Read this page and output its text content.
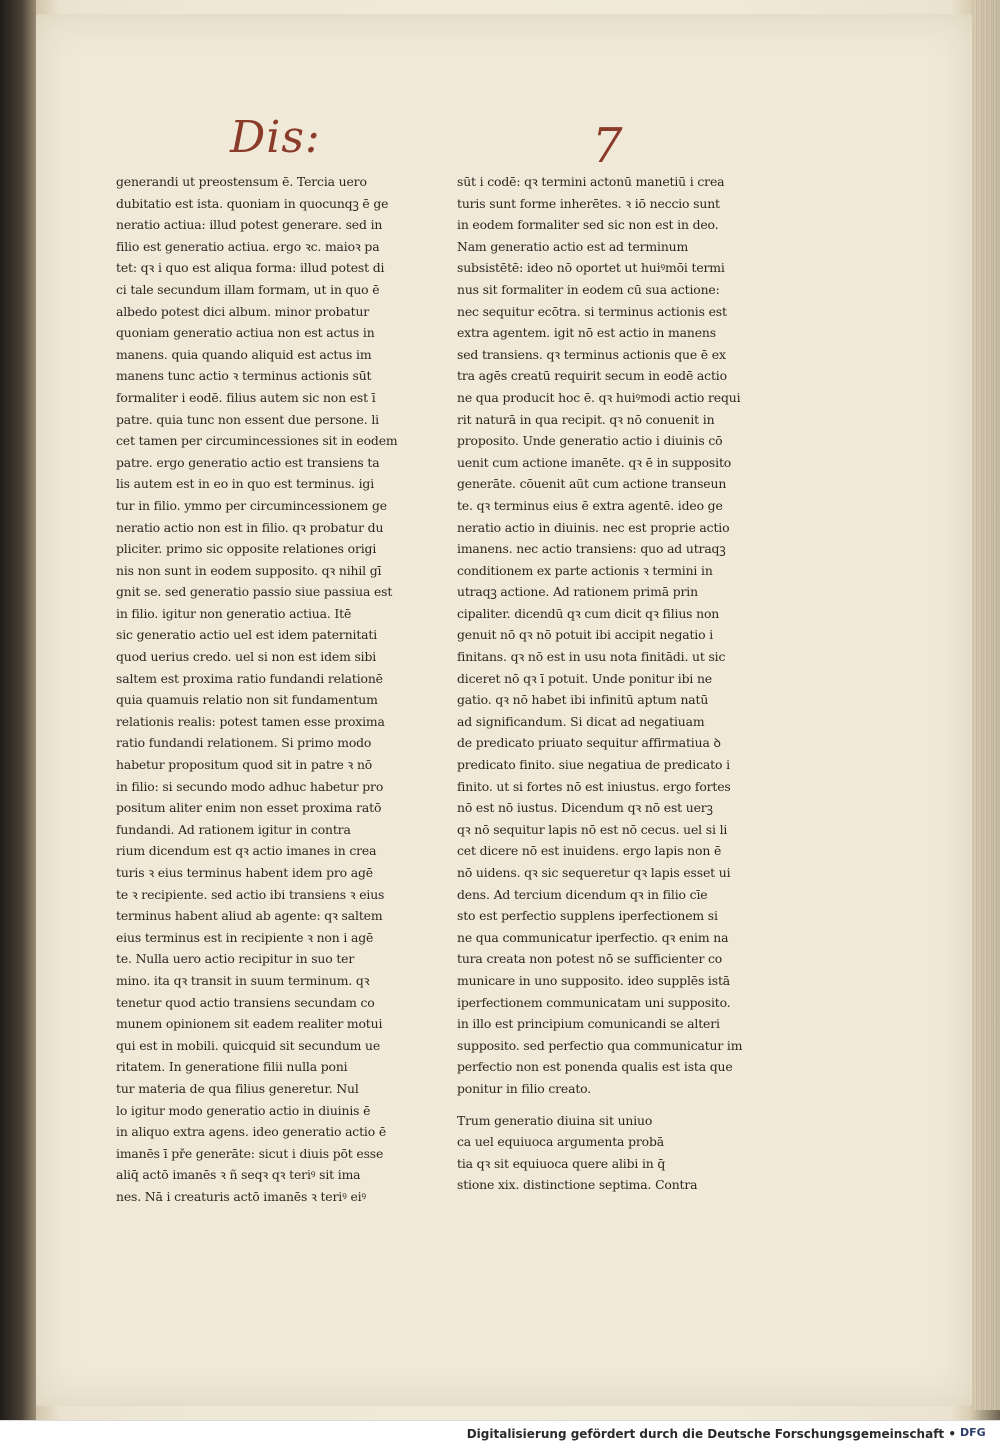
Dis:	7
generandi ut preostensum ē. Tercia uero
dubitatio est ista. quoniam in quocunqꝫ ē ge
neratio actiua: illud potest generare. sed in
filio est generatio actiua. ergo ꝛc. maioꝛ pa
tet: qꝛ i quo est aliqua forma: illud potest di
ci tale secundum illam formam, ut in quo ē
albedo potest dici album. minor probatur
quoniam generatio actiua non est actus in
manens. quia quando aliquid est actus im
manens tunc actio ꝛ terminus actionis sūt
formaliter i eodē. filius autem sic non est ī
patre. quia tunc non essent due persone. li
cet tamen per circumincessiones sit in eodem
patre. ergo generatio actio est transiens ta
lis autem est in eo in quo est terminus. igi
tur in filio. ymmo per circumincessionem ge
neratio actio non est in filio. qꝛ probatur du
pliciter. primo sic opposite relationes origi
nis non sunt in eodem supposito. qꝛ nihil gī
gnit se. sed generatio passio siue passiua est
in filio. igitur non generatio actiua. Itē
sic generatio actio uel est idem paternitati
quod uerius credo. uel si non est idem sibi
saltem est proxima ratio fundandi relationē
quia quamuis relatio non sit fundamentum
relationis realis: potest tamen esse proxima
ratio fundandi relationem. Si primo modo
habetur propositum quod sit in patre ꝛ nō
in filio: si secundo modo adhuc habetur pro
positum aliter enim non esset proxima ratō
fundandi. Ad rationem igitur in contra
rium dicendum est qꝛ actio imanes in crea
turis ꝛ eius terminus habent idem pro agē
te ꝛ recipiente. sed actio ibi transiens ꝛ eius
terminus habent aliud ab agente: qꝛ saltem
eius terminus est in recipiente ꝛ non i agē
te. Nulla uero actio recipitur in suo ter
mino. ita qꝛ transit in suum terminum. qꝛ
tenetur quod actio transiens secundam co
munem opinionem sit eadem realiter motui
qui est in mobili. quicquid sit secundum ue
ritatem. In generatione filii nulla poni
tur materia de qua filius generetur. Nul
lo igitur modo generatio actio in diuinis ē
in aliquo extra agens. ideo generatio actio ē
imanēs ī pře generāte: sicut i diuis pōt esse
aliq̄ actō imanēs ꝛ ñ seqꝛ qꝛ teriꝰ sit ima
nes. Nā i creaturis actō imanēs ꝛ teriꝰ eiꝰ
sūt i codē: qꝛ termini actonū manetiū i crea
turis sunt forme inherētes. ꝛ iō neccio sunt
in eodem formaliter sed sic non est in deo.
Nam generatio actio est ad terminum
subsistētē: ideo nō oportet ut huiꝰmōi termi
nus sit formaliter in eodem cū sua actione:
nec sequitur ecōtra. si terminus actionis est
extra agentem. igit nō est actio in manens
sed transiens. qꝛ terminus actionis que ē ex
tra agēs creatū requirit secum in eodē actio
ne qua producit hoc ē. qꝛ huiꝰmodi actio requi
rit naturā in qua recipit. qꝛ nō conuenit in
proposito. Unde generatio actio i diuinis cō
uenit cum actione imanēte. qꝛ ē in supposito
generāte. cōuenit aūt cum actione transeun
te. qꝛ terminus eius ē extra agentē. ideo ge
neratio actio in diuinis. nec est proprie actio
imanens. nec actio transiens: quo ad utraqꝫ
conditionem ex parte actionis ꝛ termini in
utraqꝫ actione. Ad rationem primā prin
cipaliter. dicendū qꝛ cum dicit qꝛ filius non
genuit nō qꝛ nō potuit ibi accipit negatio i
finitans. qꝛ nō est in usu nota finitādi. ut sic
diceret nō qꝛ ī potuit. Unde ponitur ibi ne
gatio. qꝛ nō habet ibi infinitū aptum natū
ad significandum. Si dicat ad negatiuam
de predicato priuato sequitur affirmatiua ꝺ
predicato finito. siue negatiua de predicato i
finito. ut si fortes nō est iniustus. ergo fortes
nō est nō iustus. Dicendum qꝛ nō est uerꝫ
qꝛ nō sequitur lapis nō est nō cecus. uel si li
cet dicere nō est inuidens. ergo lapis non ē
nō uidens. qꝛ sic sequeretur qꝛ lapis esset ui
dens. Ad tercium dicendum qꝛ in filio cīe
sto est perfectio supplens iperfectionem si
ne qua communicatur iperfectio. qꝛ enim na
tura creata non potest nō se sufficienter co
municare in uno supposito. ideo supplēs istā
iperfectionem communicatam uni supposito.
in illo est principium comunicandi se alteri
supposito. sed perfectio qua communicatur im
perfectio non est ponenda qualis est ista que
ponitur in filio creato.
Trum generatio diuina sit uniuo
ca uel equiuoca argumenta probā
tia qꝛ sit equiuoca quere alibi in q̄
stione xix. distinctione septima. Contra
Digitalisierung gefördert durch die Deutsche Forschungsgemeinschaft • DFG
